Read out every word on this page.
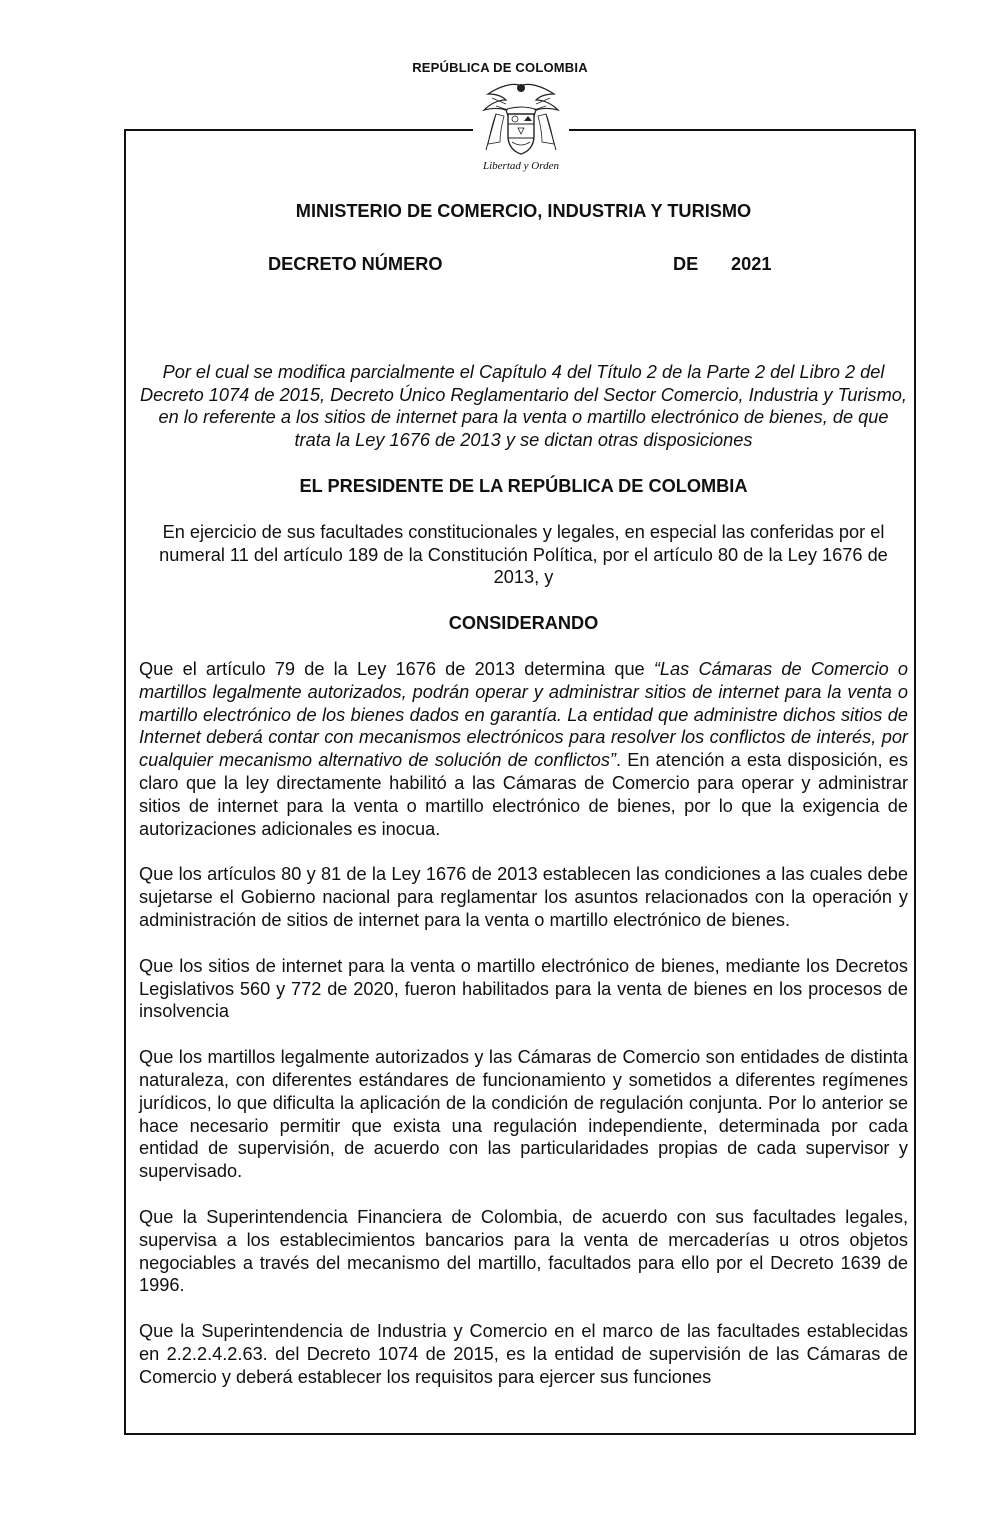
REPÚBLICA DE COLOMBIA
Libertad y Orden

MINISTERIO DE COMERCIO, INDUSTRIA Y TURISMO

DECRETO NÚMERO	DE 2021

Por el cual se modifica parcialmente el Capítulo 4 del Título 2 de la Parte 2 del Libro 2 del Decreto 1074 de 2015, Decreto Único Reglamentario del Sector Comercio, Industria y Turismo, en lo referente a los sitios de internet para la venta o martillo electrónico de bienes, de que trata la Ley 1676 de 2013 y se dictan otras disposiciones

EL PRESIDENTE DE LA REPÚBLICA DE COLOMBIA

En ejercicio de sus facultades constitucionales y legales, en especial las conferidas por el numeral 11 del artículo 189 de la Constitución Política, por el artículo 80 de la Ley 1676 de 2013, y

CONSIDERANDO

Que el artículo 79 de la Ley 1676 de 2013 determina que “Las Cámaras de Comercio o martillos legalmente autorizados, podrán operar y administrar sitios de internet para la venta o martillo electrónico de los bienes dados en garantía. La entidad que administre dichos sitios de Internet deberá contar con mecanismos electrónicos para resolver los conflictos de interés, por cualquier mecanismo alternativo de solución de conflictos”. En atención a esta disposición, es claro que la ley directamente habilitó a las Cámaras de Comercio para operar y administrar sitios de internet para la venta o martillo electrónico de bienes, por lo que la exigencia de autorizaciones adicionales es inocua.

Que los artículos 80 y 81 de la Ley 1676 de 2013 establecen las condiciones a las cuales debe sujetarse el Gobierno nacional para reglamentar los asuntos relacionados con la operación y administración de sitios de internet para la venta o martillo electrónico de bienes.

Que los sitios de internet para la venta o martillo electrónico de bienes, mediante los Decretos Legislativos 560 y 772 de 2020, fueron habilitados para la venta de bienes en los procesos de insolvencia

Que los martillos legalmente autorizados y las Cámaras de Comercio son entidades de distinta naturaleza, con diferentes estándares de funcionamiento y sometidos a diferentes regímenes jurídicos, lo que dificulta la aplicación de la condición de regulación conjunta. Por lo anterior se hace necesario permitir que exista una regulación independiente, determinada por cada entidad de supervisión, de acuerdo con las particularidades propias de cada supervisor y supervisado.

Que la Superintendencia Financiera de Colombia, de acuerdo con sus facultades legales, supervisa a los establecimientos bancarios para la venta de mercaderías u otros objetos negociables a través del mecanismo del martillo, facultados para ello por el Decreto 1639 de 1996.

Que la Superintendencia de Industria y Comercio en el marco de las facultades establecidas en 2.2.2.4.2.63. del Decreto 1074 de 2015, es la entidad de supervisión de las Cámaras de Comercio y deberá establecer los requisitos para ejercer sus funciones
